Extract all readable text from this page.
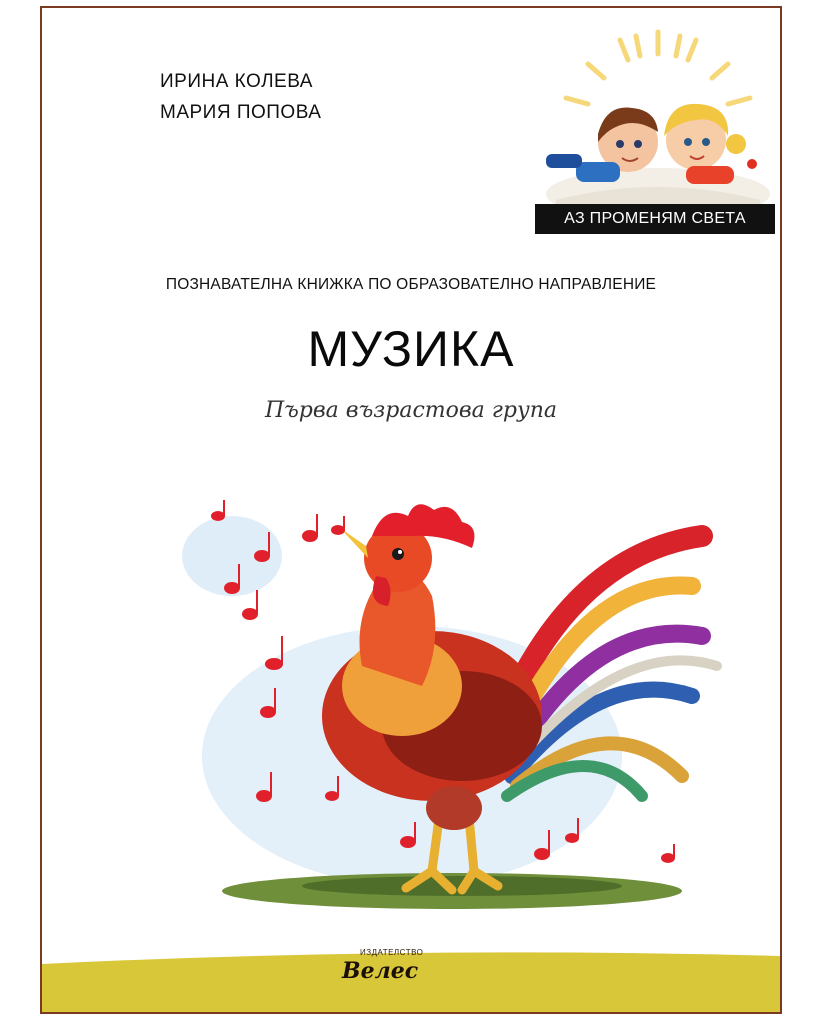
ИРИНА КОЛЕВА
МАРИЯ ПОПОВА
АЗ ПРОМЕНЯМ СВЕТА
ПОЗНАВАТЕЛНА КНИЖКА ПО ОБРАЗОВАТЕЛНО НАПРАВЛЕНИЕ
МУЗИКА
Първа възрастова група
ИЗДАТЕЛСТВО
Велес
